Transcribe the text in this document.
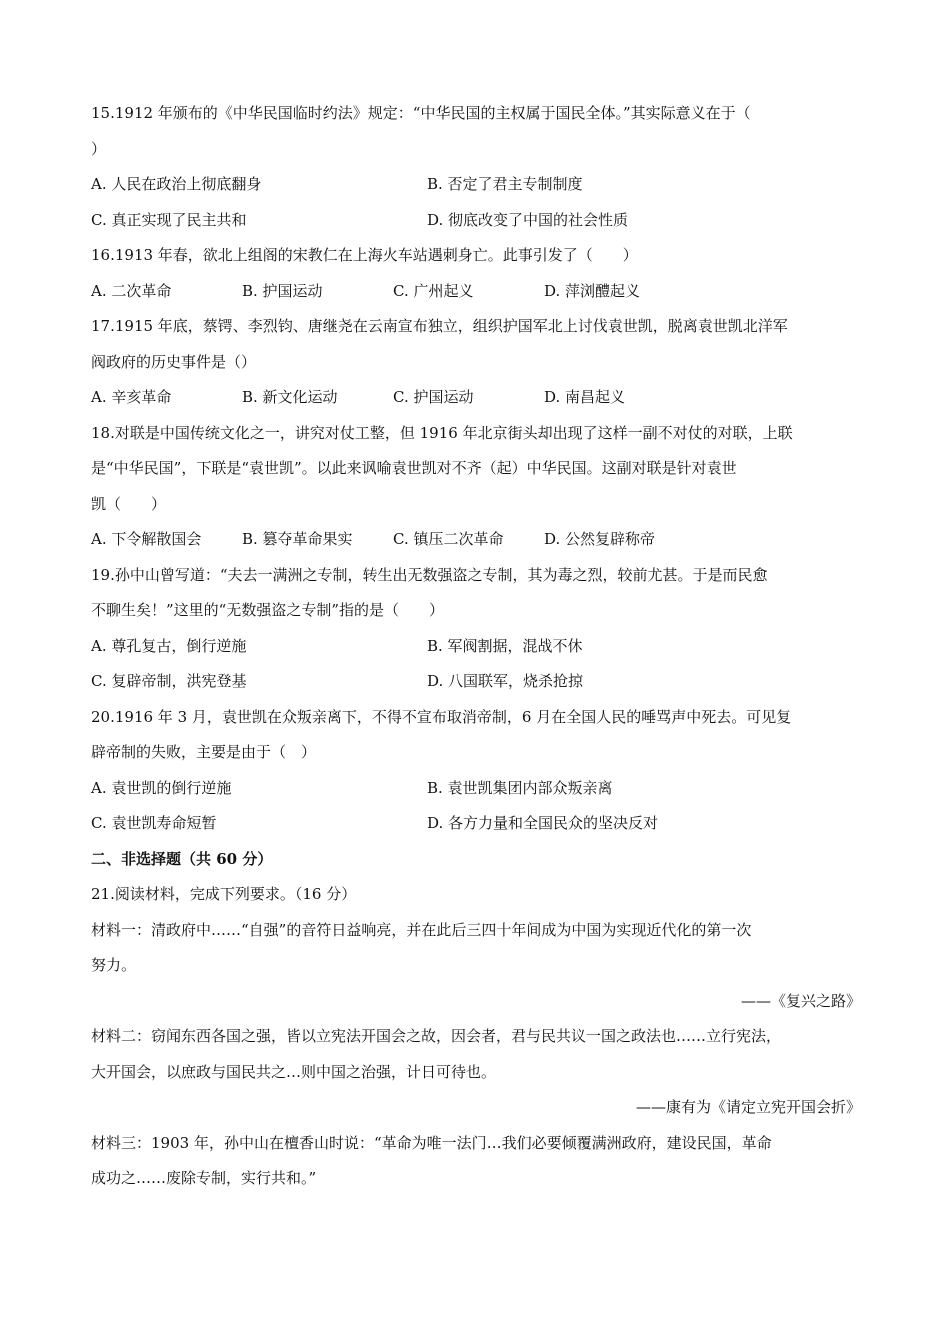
15.1912 年颁布的《中华民国临时约法》规定：“中华民国的主权属于国民全体。”其实际意义在于（
）
A. 人民在政治上彻底翻身	B. 否定了君主专制制度
C. 真正实现了民主共和	D. 彻底改变了中国的社会性质
16.1913 年春，欲北上组阁的宋教仁在上海火车站遇刺身亡。此事引发了（　　）
A. 二次革命	B. 护国运动	C. 广州起义	D. 萍浏醴起义
17.1915 年底，蔡锷、李烈钧、唐继尧在云南宣布独立，组织护国军北上讨伐袁世凯，脱离袁世凯北洋军
阀政府的历史事件是（）
A. 辛亥革命	B. 新文化运动	C. 护国运动	D. 南昌起义
18.对联是中国传统文化之一，讲究对仗工整，但 1916 年北京街头却出现了这样一副不对仗的对联，上联
是“中华民国”，下联是“袁世凯”。以此来讽喻袁世凯对不齐（起）中华民国。这副对联是针对袁世
凯（　　）
A. 下令解散国会	B. 篡夺革命果实	C. 镇压二次革命	D. 公然复辟称帝
19.孙中山曾写道：“夫去一满洲之专制，转生出无数强盗之专制，其为毒之烈，较前尤甚。于是而民愈
不聊生矣！”这里的“无数强盗之专制”指的是（　　）
A. 尊孔复古，倒行逆施	B. 军阀割据，混战不休
C. 复辟帝制，洪宪登基	D. 八国联军，烧杀抢掠
20.1916 年 3 月，袁世凯在众叛亲离下，不得不宣布取消帝制，6 月在全国人民的唾骂声中死去。可见复
辟帝制的失败，主要是由于（　）
A. 袁世凯的倒行逆施	B. 袁世凯集团内部众叛亲离
C. 袁世凯寿命短暂	D. 各方力量和全国民众的坚决反对
二、非选择题（共 60 分）
21.阅读材料，完成下列要求。（16 分）
材料一：清政府中……“自强”的音符日益响亮，并在此后三四十年间成为中国为实现近代化的第一次
努力。
——《复兴之路》
材料二：窃闻东西各国之强，皆以立宪法开国会之故，因会者，君与民共议一国之政法也……立行宪法，
大开国会，以庶政与国民共之…则中国之治强，计日可待也。
——康有为《请定立宪开国会折》
材料三：1903 年，孙中山在檀香山时说：“革命为唯一法门…我们必要倾覆满洲政府，建设民国，革命
成功之……废除专制，实行共和。”
